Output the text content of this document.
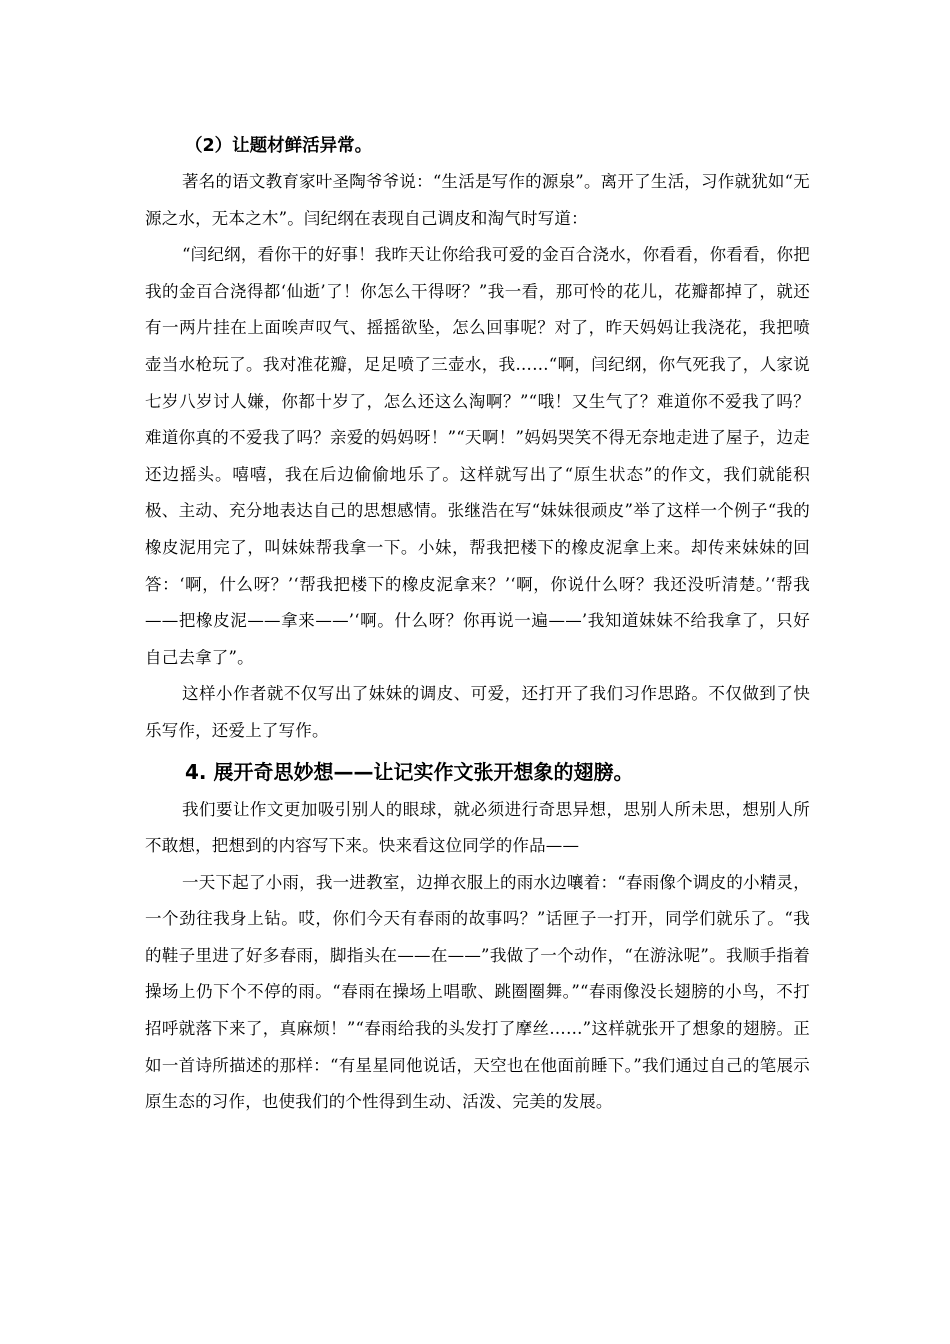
（2）让题材鲜活异常。

著名的语文教育家叶圣陶爷爷说：“生活是写作的源泉”。离开了生活，习作就犹如“无源之水，无本之木”。闫纪纲在表现自己调皮和淘气时写道：

“闫纪纲，看你干的好事！我昨天让你给我可爱的金百合浇水，你看看，你看看，你把我的金百合浇得都‘仙逝’了！你怎么干得呀？”我一看，那可怜的花儿，花瓣都掉了，就还有一两片挂在上面唉声叹气、摇摇欲坠，怎么回事呢？对了，昨天妈妈让我浇花，我把喷壶当水枪玩了。我对准花瓣，足足喷了三壶水，我……“啊，闫纪纲，你气死我了，人家说七岁八岁讨人嫌，你都十岁了，怎么还这么淘啊？”“哦！又生气了？难道你不爱我了吗？难道你真的不爱我了吗？亲爱的妈妈呀！”“天啊！”妈妈哭笑不得无奈地走进了屋子，边走还边摇头。嘻嘻，我在后边偷偷地乐了。这样就写出了“原生状态”的作文，我们就能积极、主动、充分地表达自己的思想感情。张继浩在写“妹妹很顽皮”举了这样一个例子“我的橡皮泥用完了，叫妹妹帮我拿一下。小妹，帮我把楼下的橡皮泥拿上来。却传来妹妹的回答：‘啊，什么呀？’‘帮我把楼下的橡皮泥拿来？’‘啊，你说什么呀？我还没听清楚。’‘帮我——把橡皮泥——拿来——’‘啊。什么呀？你再说一遍——’我知道妹妹不给我拿了，只好自己去拿了”。

这样小作者就不仅写出了妹妹的调皮、可爱，还打开了我们习作思路。不仅做到了快乐写作，还爱上了写作。

4. 展开奇思妙想——让记实作文张开想象的翅膀。

我们要让作文更加吸引别人的眼球，就必须进行奇思异想，思别人所未思，想别人所不敢想，把想到的内容写下来。快来看这位同学的作品——

一天下起了小雨，我一进教室，边掸衣服上的雨水边嚷着：“春雨像个调皮的小精灵，一个劲往我身上钻。哎，你们今天有春雨的故事吗？”话匣子一打开，同学们就乐了。“我的鞋子里进了好多春雨，脚指头在——在——”我做了一个动作，“在游泳呢”。我顺手指着操场上仍下个不停的雨。“春雨在操场上唱歌、跳圈圈舞。”“春雨像没长翅膀的小鸟，不打招呼就落下来了，真麻烦！”“春雨给我的头发打了摩丝……”这样就张开了想象的翅膀。正如一首诗所描述的那样：“有星星同他说话，天空也在他面前睡下。”我们通过自己的笔展示原生态的习作，也使我们的个性得到生动、活泼、完美的发展。
